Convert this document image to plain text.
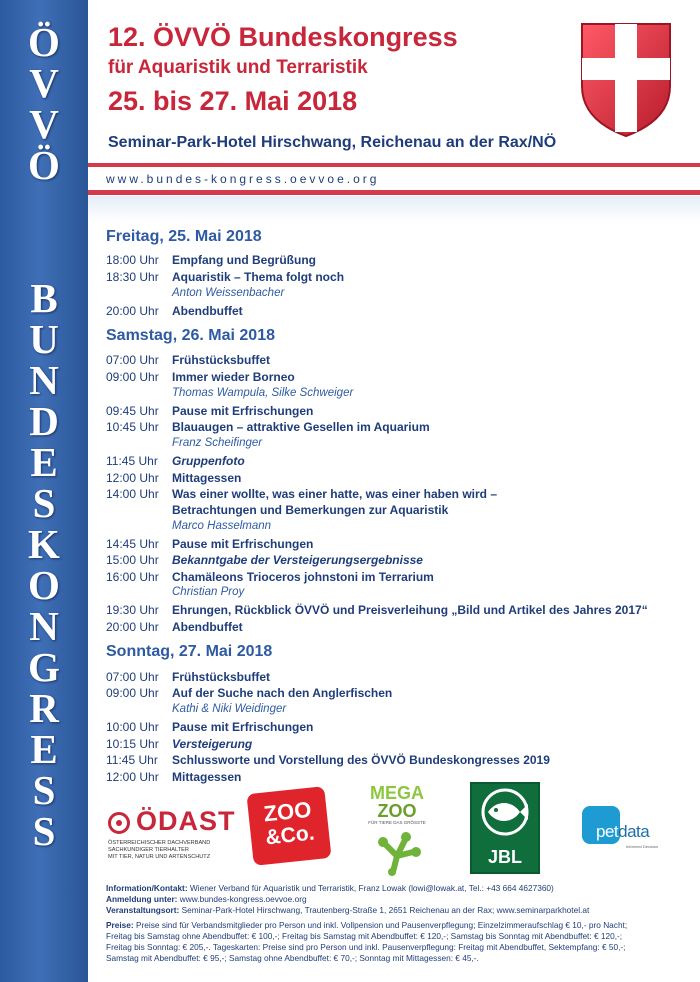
Ö
V
V
Ö
B
U
N
D
E
S
K
O
N
G
R
E
S
S
12. ÖVVÖ Bundeskongress
für Aquaristik und Terraristik
25. bis 27. Mai 2018
Seminar-Park-Hotel Hirschwang, Reichenau an der Rax/NÖ
www.bundes-kongress.oevvoe.org
Freitag, 25. Mai 2018
18:00 Uhr Empfang und Begrüßung
18:30 Uhr Aquaristik – Thema folgt noch
Anton Weissenbacher
20:00 Uhr Abendbuffet
Samstag, 26. Mai 2018
07:00 Uhr Frühstücksbuffet
09:00 Uhr Immer wieder Borneo
Thomas Wampula, Silke Schweiger
09:45 Uhr Pause mit Erfrischungen
10:45 Uhr Blauaugen – attraktive Gesellen im Aquarium
Franz Scheifinger
11:45 Uhr Gruppenfoto
12:00 Uhr Mittagessen
14:00 Uhr Was einer wollte, was einer hatte, was einer haben wird –
Betrachtungen und Bemerkungen zur Aquaristik
Marco Hasselmann
14:45 Uhr Pause mit Erfrischungen
15:00 Uhr Bekanntgabe der Versteigerungsergebnisse
16:00 Uhr Chamäleons Trioceros johnstoni im Terrarium
Christian Proy
19:30 Uhr Ehrungen, Rückblick ÖVVÖ und Preisverleihung „Bild und Artikel des Jahres 2017“
20:00 Uhr Abendbuffet
Sonntag, 27. Mai 2018
07:00 Uhr Frühstücksbuffet
09:00 Uhr Auf der Suche nach den Anglerfischen
Kathi & Niki Weidinger
10:00 Uhr Pause mit Erfrischungen
10:15 Uhr Versteigerung
11:45 Uhr Schlussworte und Vorstellung des ÖVVÖ Bundeskongresses 2019
12:00 Uhr Mittagessen
ÖDAST
ÖSTERREICHISCHER DACHVERBAND
SACHKUNDIGER TIERHALTER
MIT TIER, NATUR UND ARTENSCHUTZ
ZOO
&Co.
MEGA
ZOO
FÜR TIERE DAS GRÖSSTE
JBL
petdata
Informed Decision
Information/Kontakt: Wiener Verband für Aquaristik und Terraristik, Franz Lowak (lowi@lowak.at, Tel.: +43 664 4627360)
Anmeldung unter: www.bundes-kongress.oevvoe.org
Veranstaltungsort: Seminar-Park-Hotel Hirschwang, Trautenberg-Straße 1, 2651 Reichenau an der Rax; www.seminarparkhotel.at
Preise: Preise sind für Verbandsmitglieder pro Person und inkl. Vollpension und Pausenverpflegung; Einzelzimmeraufschlag € 10,- pro Nacht;
Freitag bis Samstag ohne Abendbuffet: € 100,-; Freitag bis Samstag mit Abendbuffet: € 120,-; Samstag bis Sonntag mit Abendbuffet: € 120,-;
Freitag bis Sonntag: € 205,-. Tageskarten: Preise sind pro Person und inkl. Pausenverpflegung: Freitag mit Abendbuffet, Sektempfang: € 50,-;
Samstag mit Abendbuffet: € 95,-; Samstag ohne Abendbuffet: € 70,-; Sonntag mit Mittagessen: € 45,-.
